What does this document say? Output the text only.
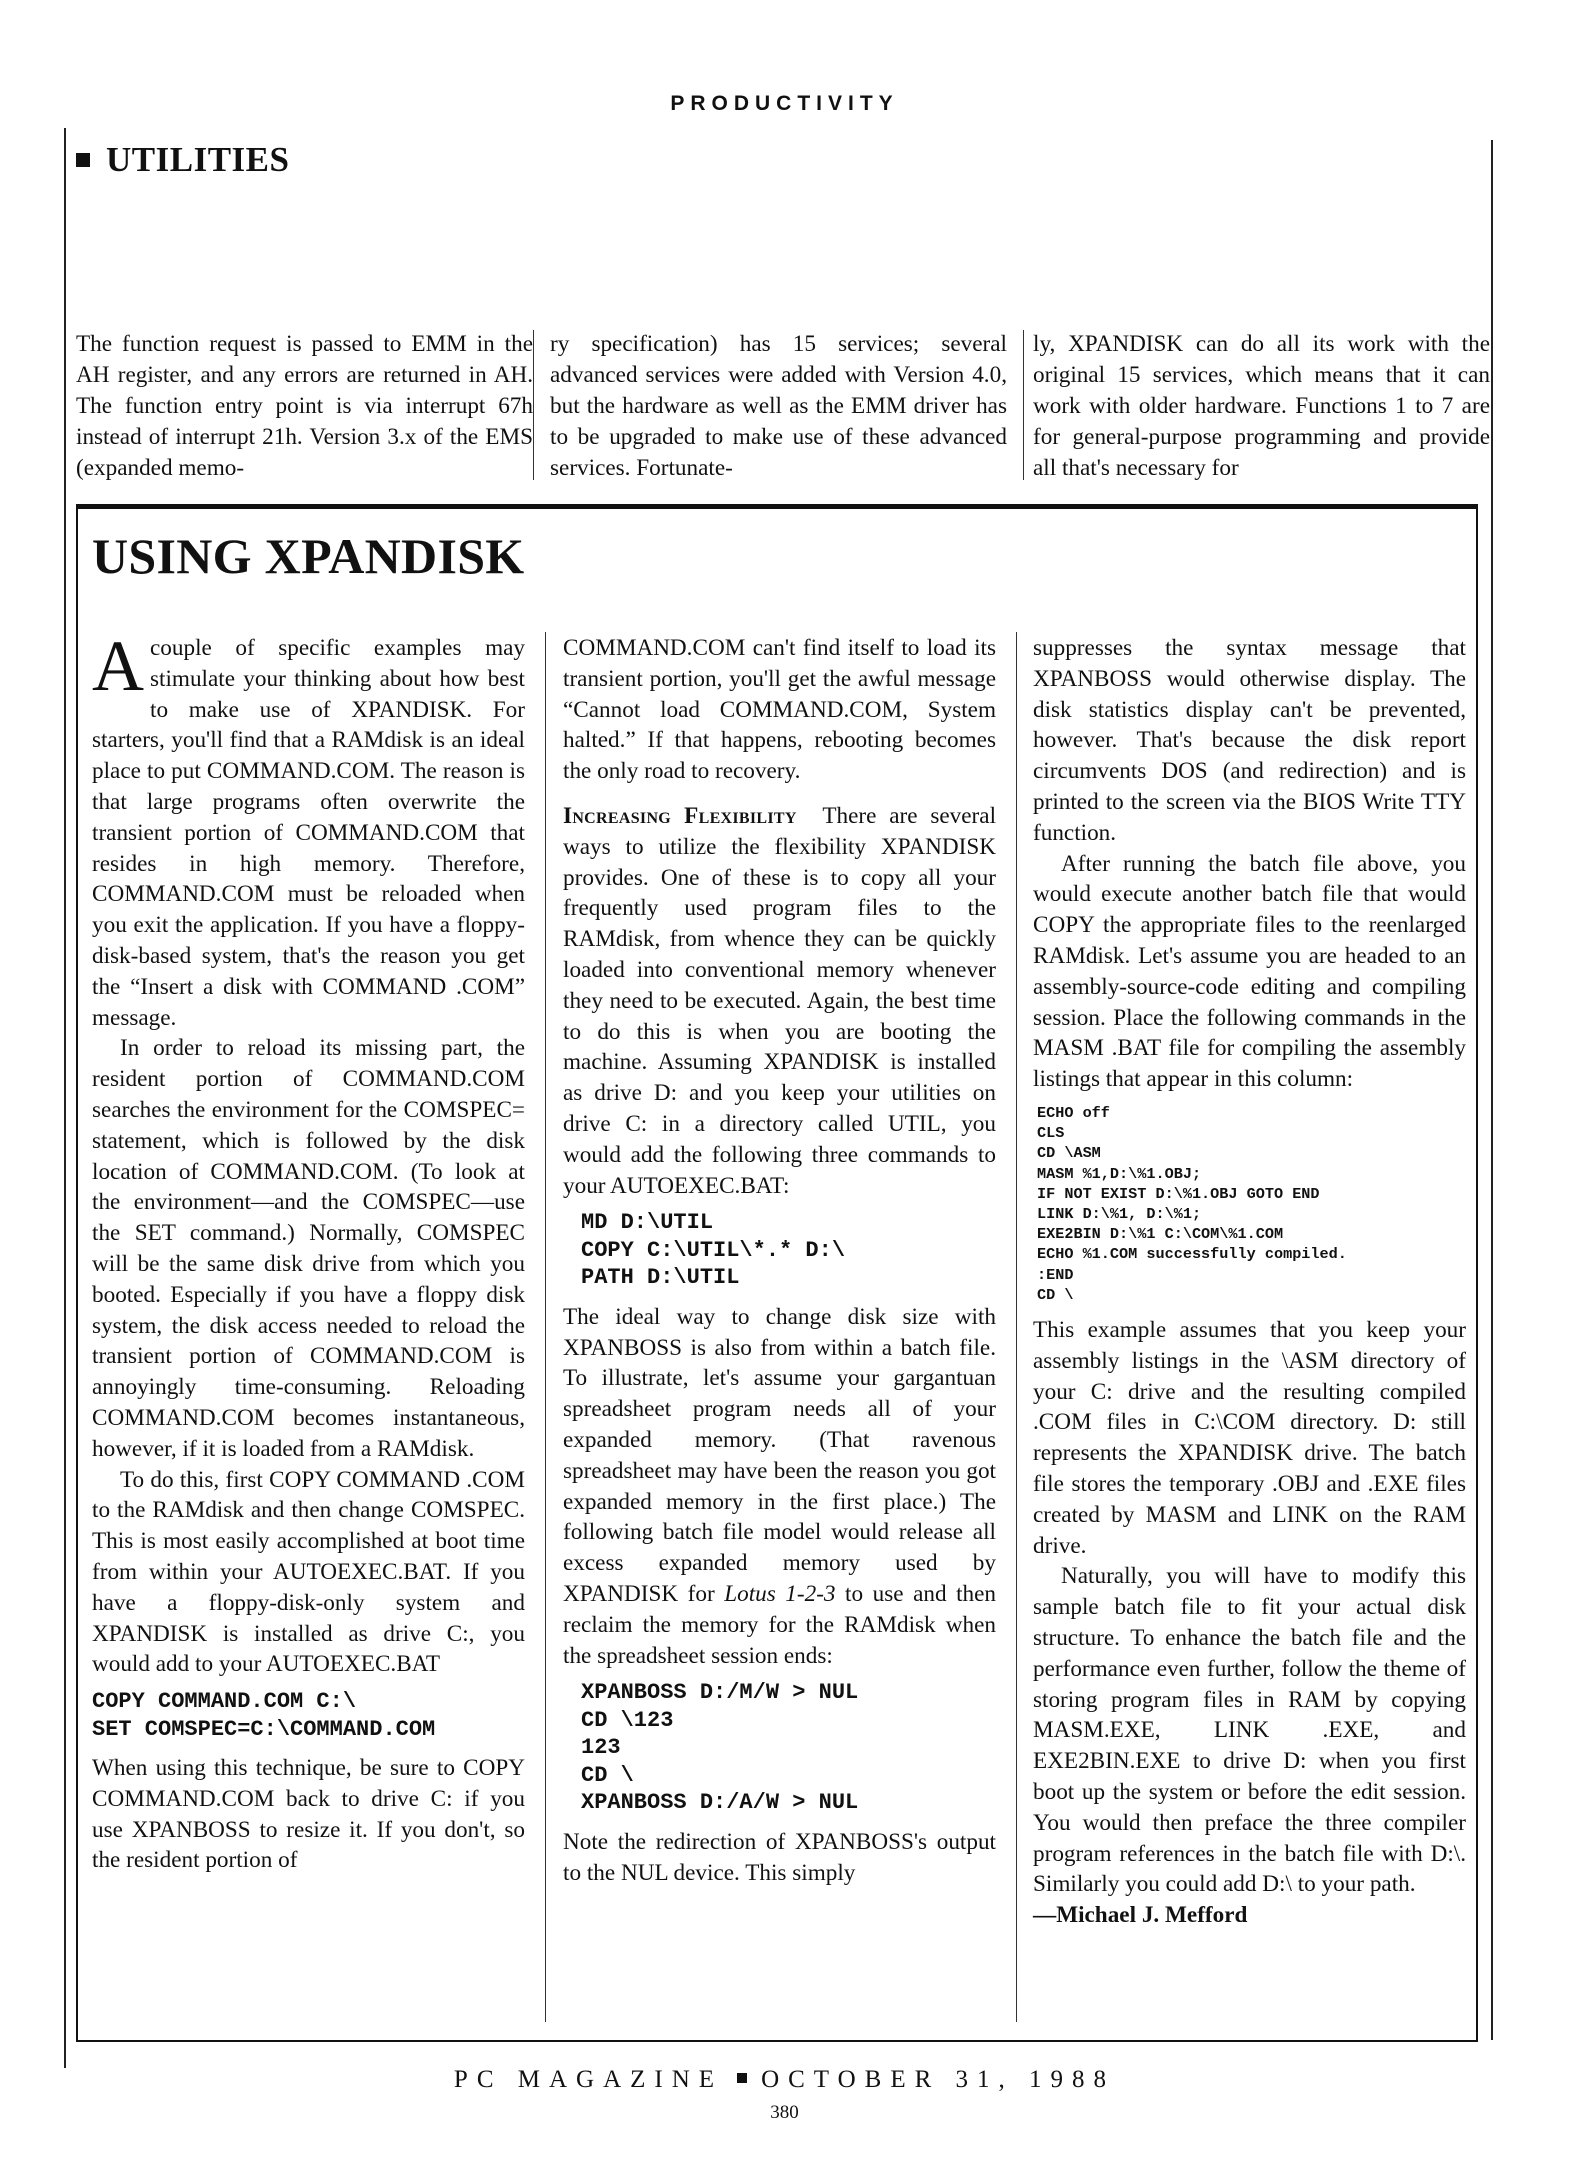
PRODUCTIVITY
UTILITIES
The function request is passed to EMM in the AH register, and any errors are returned in AH. The function entry point is via interrupt 67h instead of interrupt 21h. Version 3.x of the EMS (expanded memo-
ry specification) has 15 services; several advanced services were added with Version 4.0, but the hardware as well as the EMM driver has to be upgraded to make use of these advanced services. Fortunate-
ly, XPANDISK can do all its work with the original 15 services, which means that it can work with older hardware. Functions 1 to 7 are for general-purpose programming and provide all that's necessary for
USING XPANDISK

Acouple of specific examples may stimulate your thinking about how best to make use of XPANDISK. For starters, you'll find that a RAMdisk is an ideal place to put COMMAND.COM. The reason is that large programs often overwrite the transient portion of COMMAND.COM that resides in high memory. Therefore, COMMAND.COM must be reloaded when you exit the application. If you have a floppy-disk-based system, that's the reason you get the “Insert a disk with COMMAND .COM” message.

In order to reload its missing part, the resident portion of COMMAND.COM searches the environment for the COMSPEC= statement, which is followed by the disk location of COMMAND.COM. (To look at the environment—and the COMSPEC—use the SET command.) Normally, COMSPEC will be the same disk drive from which you booted. Especially if you have a floppy disk system, the disk access needed to reload the transient portion of COMMAND.COM is annoyingly time-consuming. Reloading COMMAND.COM becomes instantaneous, however, if it is loaded from a RAMdisk.

To do this, first COPY COMMAND .COM to the RAMdisk and then change COMSPEC. This is most easily accomplished at boot time from within your AUTOEXEC.BAT. If you have a floppy-disk-only system and XPANDISK is installed as drive C:, you would add to your AUTOEXEC.BAT

COPY COMMAND.COM C:\
SET COMSPEC=C:\COMMAND.COM

When using this technique, be sure to COPY COMMAND.COM back to drive C: if you use XPANBOSS to resize it. If you don't, so the resident portion of

COMMAND.COM can't find itself to load its transient portion, you'll get the awful message “Cannot load COMMAND.COM, System halted.” If that happens, rebooting becomes the only road to recovery.

Increasing Flexibility There are several ways to utilize the flexibility XPANDISK provides. One of these is to copy all your frequently used program files to the RAMdisk, from whence they can be quickly loaded into conventional memory whenever they need to be executed. Again, the best time to do this is when you are booting the machine. Assuming XPANDISK is installed as drive D: and you keep your utilities on drive C: in a directory called UTIL, you would add the following three commands to your AUTOEXEC.BAT:

MD D:\UTIL
COPY C:\UTIL\*.* D:\
PATH D:\UTIL

The ideal way to change disk size with XPANBOSS is also from within a batch file. To illustrate, let's assume your gargantuan spreadsheet program needs all of your expanded memory. (That ravenous spreadsheet may have been the reason you got expanded memory in the first place.) The following batch file model would release all excess expanded memory used by XPANDISK for Lotus 1-2-3 to use and then reclaim the memory for the RAMdisk when the spreadsheet session ends:

XPANBOSS D:/M/W > NUL
CD \123
123
CD \
XPANBOSS D:/A/W > NUL

Note the redirection of XPANBOSS's output to the NUL device. This simply

suppresses the syntax message that XPANBOSS would otherwise display. The disk statistics display can't be prevented, however. That's because the disk report circumvents DOS (and redirection) and is printed to the screen via the BIOS Write TTY function.

After running the batch file above, you would execute another batch file that would COPY the appropriate files to the reenlarged RAMdisk. Let's assume you are headed to an assembly-source-code editing and compiling session. Place the following commands in the MASM .BAT file for compiling the assembly listings that appear in this column:

ECHO off
CLS
CD \ASM
MASM %1,D:\%1.OBJ;
IF NOT EXIST D:\%1.OBJ GOTO END
LINK D:\%1, D:\%1;
EXE2BIN D:\%1 C:\COM\%1.COM
ECHO %1.COM successfully compiled.
:END
CD \

This example assumes that you keep your assembly listings in the \ASM directory of your C: drive and the resulting compiled .COM files in C:\COM directory. D: still represents the XPANDISK drive. The batch file stores the temporary .OBJ and .EXE files created by MASM and LINK on the RAM drive.

Naturally, you will have to modify this sample batch file to fit your actual disk structure. To enhance the batch file and the performance even further, follow the theme of storing program files in RAM by copying MASM.EXE, LINK .EXE, and EXE2BIN.EXE to drive D: when you first boot up the system or before the edit session. You would then preface the three compiler program references in the batch file with D:\. Similarly you could add D:\ to your path.

—Michael J. Mefford

PC MAGAZINE OCTOBER 31, 1988
380
